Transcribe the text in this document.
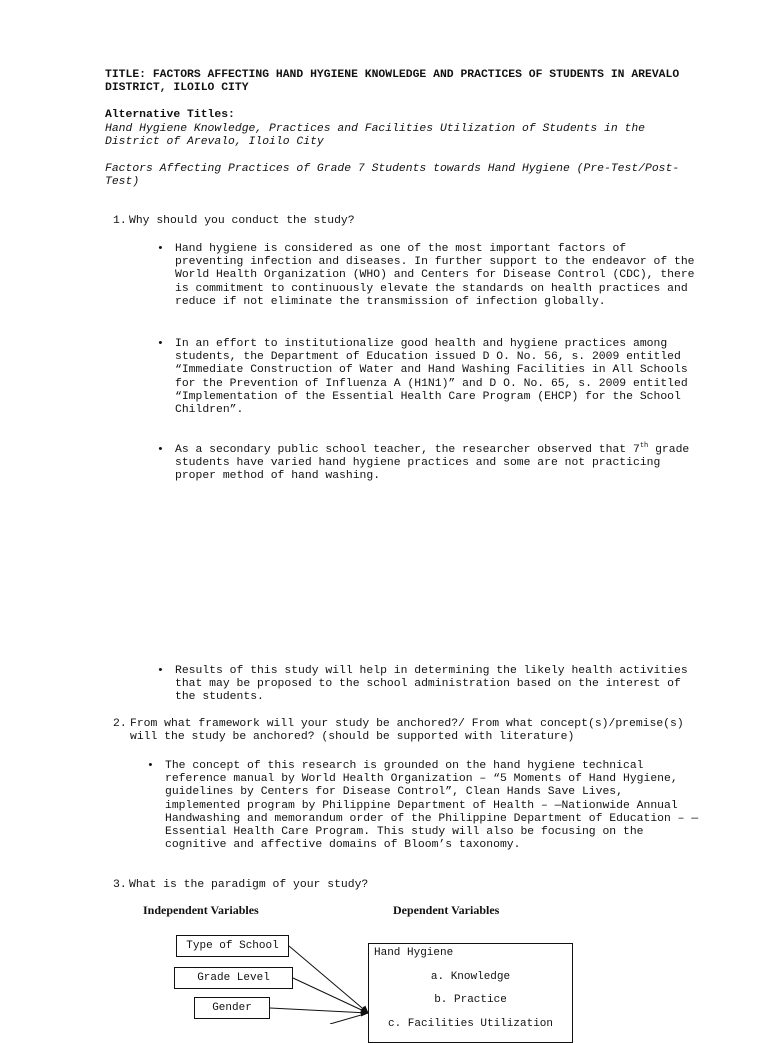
TITLE: FACTORS AFFECTING HAND HYGIENE KNOWLEDGE AND PRACTICES OF STUDENTS IN AREVALO DISTRICT, ILOILO CITY
Alternative Titles:
Hand Hygiene Knowledge, Practices and Facilities Utilization of Students in the District of Arevalo, Iloilo City
Factors Affecting Practices of Grade 7 Students towards Hand Hygiene (Pre-Test/Post-Test)
1. Why should you conduct the study?
• Hand hygiene is considered as one of the most important factors of preventing infection and diseases. In further support to the endeavor of the World Health Organization (WHO) and Centers for Disease Control (CDC), there is commitment to continuously elevate the standards on health practices and reduce if not eliminate the transmission of infection globally.
• In an effort to institutionalize good health and hygiene practices among students, the Department of Education issued D O. No. 56, s. 2009 entitled “Immediate Construction of Water and Hand Washing Facilities in All Schools for the Prevention of Influenza A (H1N1)” and D O. No. 65, s. 2009 entitled “Implementation of the Essential Health Care Program (EHCP) for the School Children”.
• As a secondary public school teacher, the researcher observed that 7th grade students have varied hand hygiene practices and some are not practicing proper method of hand washing.
• Results of this study will help in determining the likely health activities that may be proposed to the school administration based on the interest of the students.
2. From what framework will your study be anchored?/ From what concept(s)/premise(s) will the study be anchored? (should be supported with literature)
• The concept of this research is grounded on the hand hygiene technical reference manual by World Health Organization – “5 Moments of Hand Hygiene, guidelines by Centers for Disease Control”, Clean Hands Save Lives, implemented program by Philippine Department of Health – —Nationwide Annual Handwashing and memorandum order of the Philippine Department of Education – —Essential Health Care Program. This study will also be focusing on the cognitive and affective domains of Bloom’s taxonomy.
3. What is the paradigm of your study?
Independent Variables	Dependent Variables
Type of School
Grade Level
Gender
Hand Hygiene
a. Knowledge
b. Practice
c. Facilities Utilization
